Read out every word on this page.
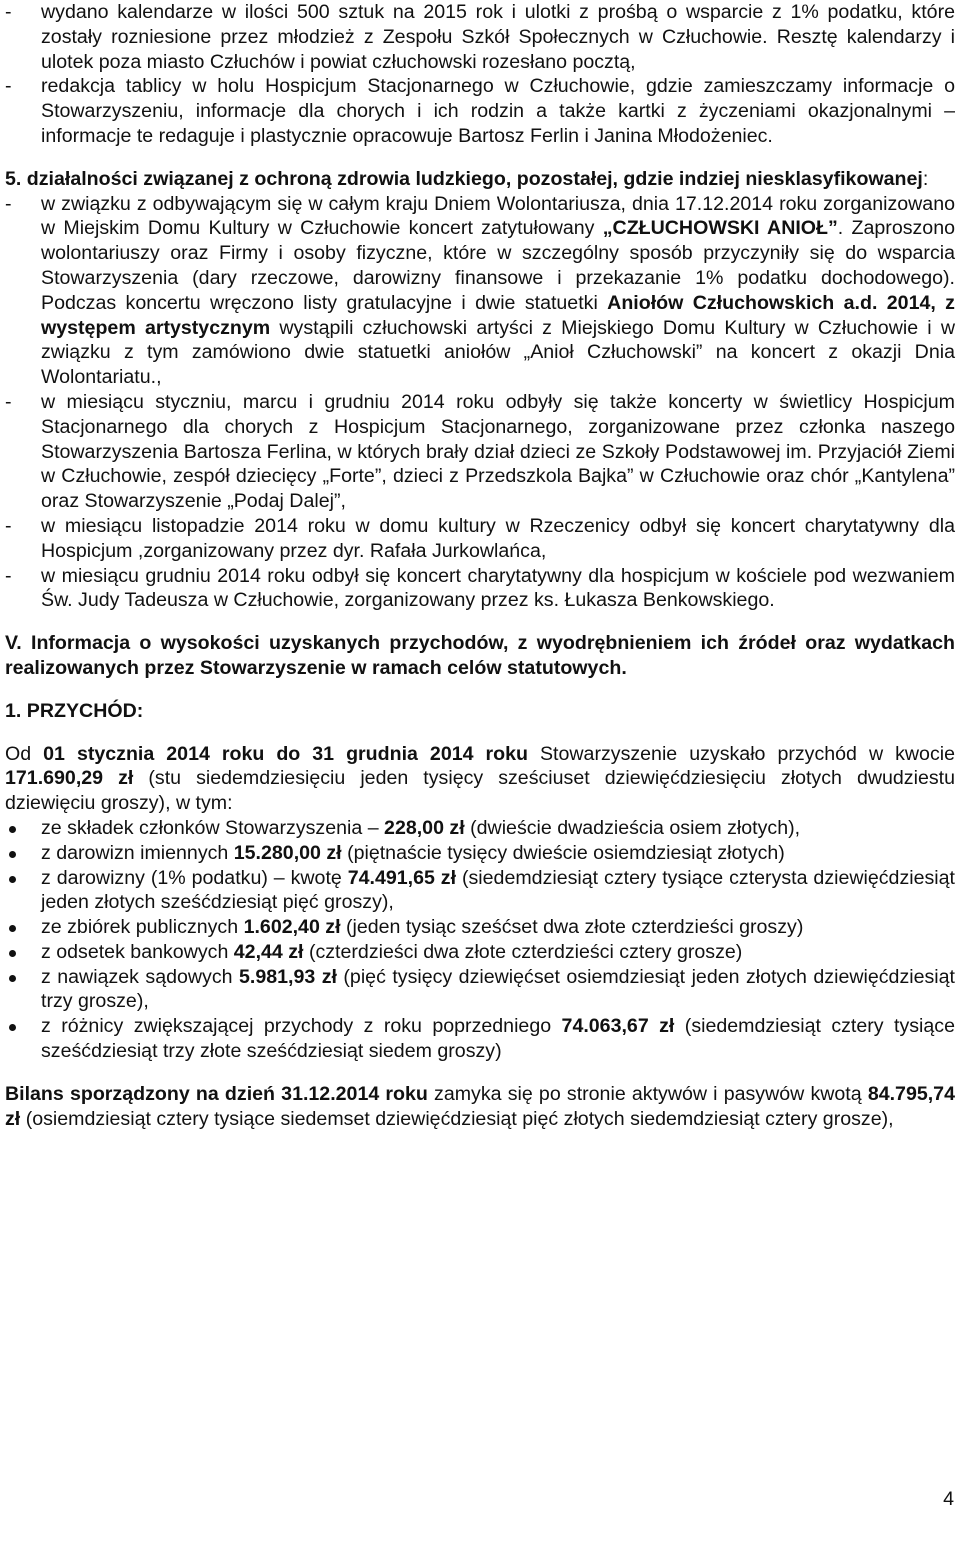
- wydano kalendarze w ilości 500 sztuk na 2015 rok i ulotki z prośbą o wsparcie z 1% podatku, które zostały rozniesione przez młodzież z Zespołu Szkół Społecznych w Człuchowie. Resztę kalendarzy i ulotek poza miasto Człuchów i powiat człuchowski rozesłano pocztą,

- redakcja tablicy w holu Hospicjum Stacjonarnego w Człuchowie, gdzie zamieszczamy informacje o Stowarzyszeniu, informacje dla chorych i ich rodzin a także kartki z życzeniami okazjonalnymi – informacje te redaguje i plastycznie opracowuje Bartosz Ferlin i Janina Młodożeniec.

5. działalności związanej z ochroną zdrowia ludzkiego, pozostałej, gdzie indziej niesklasyfikowanej:

- w związku z odbywającym się w całym kraju Dniem Wolontariusza, dnia 17.12.2014 roku zorganizowano w Miejskim Domu Kultury w Człuchowie koncert zatytułowany „CZŁUCHOWSKI ANIOŁ”. Zaproszono wolontariuszy oraz Firmy i osoby fizyczne, które w szczególny sposób przyczyniły się do wsparcia Stowarzyszenia (dary rzeczowe, darowizny finansowe i przekazanie 1% podatku dochodowego). Podczas koncertu wręczono listy gratulacyjne i dwie statuetki Aniołów Człuchowskich a.d. 2014, z występem artystycznym wystąpili człuchowski artyści z Miejskiego Domu Kultury w Człuchowie i w związku z tym zamówiono dwie statuetki aniołów „Anioł Człuchowski” na koncert z okazji Dnia Wolontariatu.,

- w miesiącu styczniu, marcu i grudniu 2014 roku odbyły się także koncerty w świetlicy Hospicjum Stacjonarnego dla chorych z Hospicjum Stacjonarnego, zorganizowane przez członka naszego Stowarzyszenia Bartosza Ferlina, w których brały dział dzieci ze Szkoły Podstawowej im. Przyjaciół Ziemi w Człuchowie, zespół dziecięcy „Forte”, dzieci z Przedszkola Bajka” w Człuchowie oraz chór „Kantylena” oraz Stowarzyszenie „Podaj Dalej”,

- w miesiącu listopadzie 2014 roku w domu kultury w Rzeczenicy odbył się koncert charytatywny dla Hospicjum ,zorganizowany przez dyr. Rafała Jurkowlańca,

- w miesiącu grudniu 2014 roku odbył się koncert charytatywny dla hospicjum w kościele pod wezwaniem Św. Judy Tadeusza w Człuchowie, zorganizowany przez ks. Łukasza Benkowskiego.

V. Informacja o wysokości uzyskanych przychodów, z wyodrębnieniem ich źródeł oraz wydatkach realizowanych przez Stowarzyszenie w ramach celów statutowych.

1. PRZYCHÓD:

Od 01 stycznia 2014 roku do 31 grudnia 2014 roku Stowarzyszenie uzyskało przychód w kwocie 171.690,29 zł (stu siedemdziesięciu jeden tysięcy sześciuset dziewięćdziesięciu złotych dwudziestu dziewięciu groszy), w tym:

ze składek członków Stowarzyszenia – 228,00 zł (dwieście dwadzieścia osiem złotych),

z darowizn imiennych 15.280,00 zł (piętnaście tysięcy dwieście osiemdziesiąt złotych)

z darowizny (1% podatku) – kwotę 74.491,65 zł (siedemdziesiąt cztery tysiące czterysta dziewięćdziesiąt jeden złotych sześćdziesiąt pięć groszy),

ze zbiórek publicznych 1.602,40 zł (jeden tysiąc sześćset dwa złote czterdzieści groszy)

z odsetek bankowych 42,44 zł (czterdzieści dwa złote czterdzieści cztery grosze)

z nawiązek sądowych 5.981,93 zł (pięć tysięcy dziewięćset osiemdziesiąt jeden złotych dziewięćdziesiąt trzy grosze),

z różnicy zwiększającej przychody z roku poprzedniego 74.063,67 zł (siedemdziesiąt cztery tysiące sześćdziesiąt trzy złote sześćdziesiąt siedem groszy)

Bilans sporządzony na dzień 31.12.2014 roku zamyka się po stronie aktywów i pasywów kwotą 84.795,74 zł (osiemdziesiąt cztery tysiące siedemset dziewięćdziesiąt pięć złotych siedemdziesiąt cztery grosze),

4
